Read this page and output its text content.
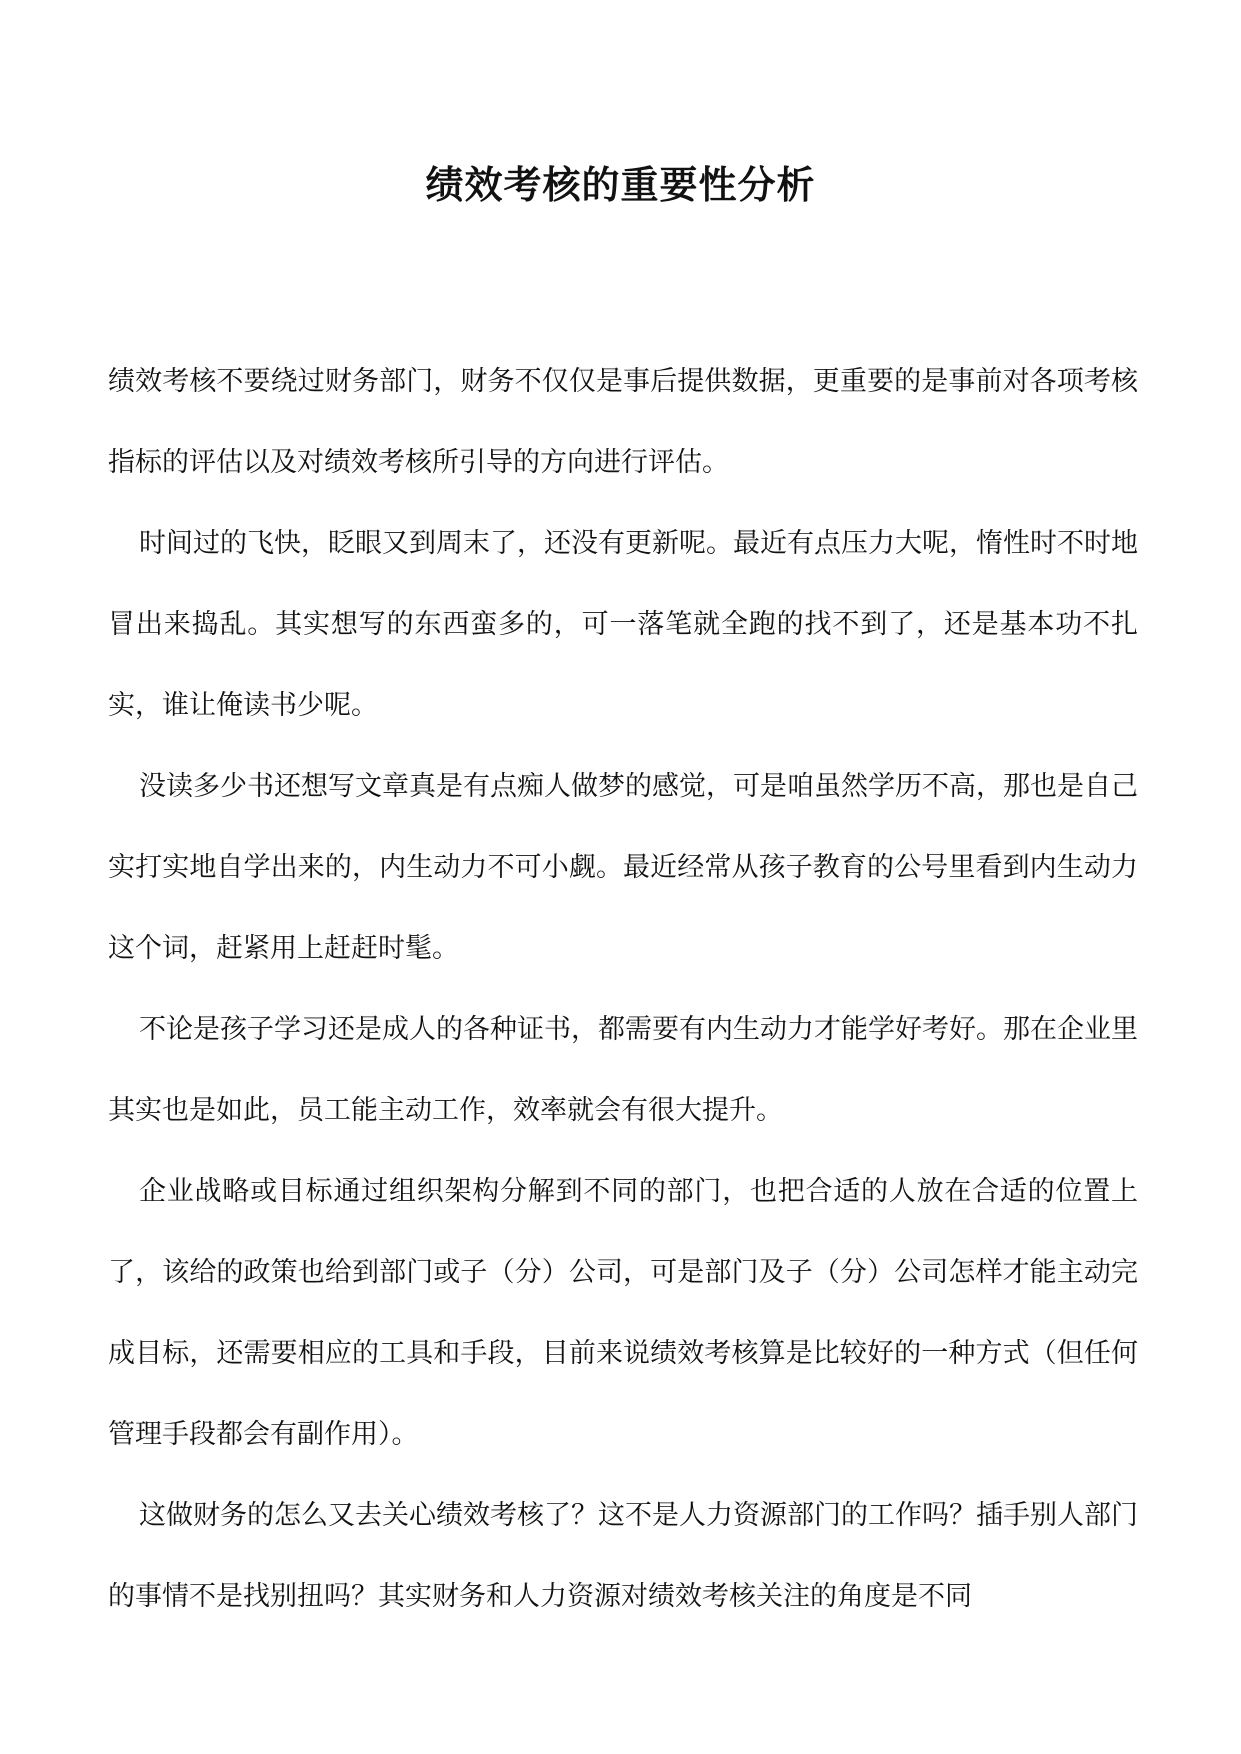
绩效考核的重要性分析

绩效考核不要绕过财务部门，财务不仅仅是事后提供数据，更重要的是事前对各项考核指标的评估以及对绩效考核所引导的方向进行评估。

时间过的飞快，眨眼又到周末了，还没有更新呢。最近有点压力大呢，惰性时不时地冒出来捣乱。其实想写的东西蛮多的，可一落笔就全跑的找不到了，还是基本功不扎实，谁让俺读书少呢。

没读多少书还想写文章真是有点痴人做梦的感觉，可是咱虽然学历不高，那也是自己实打实地自学出来的，内生动力不可小觑。最近经常从孩子教育的公号里看到内生动力这个词，赶紧用上赶赶时髦。

不论是孩子学习还是成人的各种证书，都需要有内生动力才能学好考好。那在企业里其实也是如此，员工能主动工作，效率就会有很大提升。

企业战略或目标通过组织架构分解到不同的部门，也把合适的人放在合适的位置上了，该给的政策也给到部门或子（分）公司，可是部门及子（分）公司怎样才能主动完成目标，还需要相应的工具和手段，目前来说绩效考核算是比较好的一种方式（但任何管理手段都会有副作用）。

这做财务的怎么又去关心绩效考核了？这不是人力资源部门的工作吗？插手别人部门的事情不是找别扭吗？其实财务和人力资源对绩效考核关注的角度是不同
